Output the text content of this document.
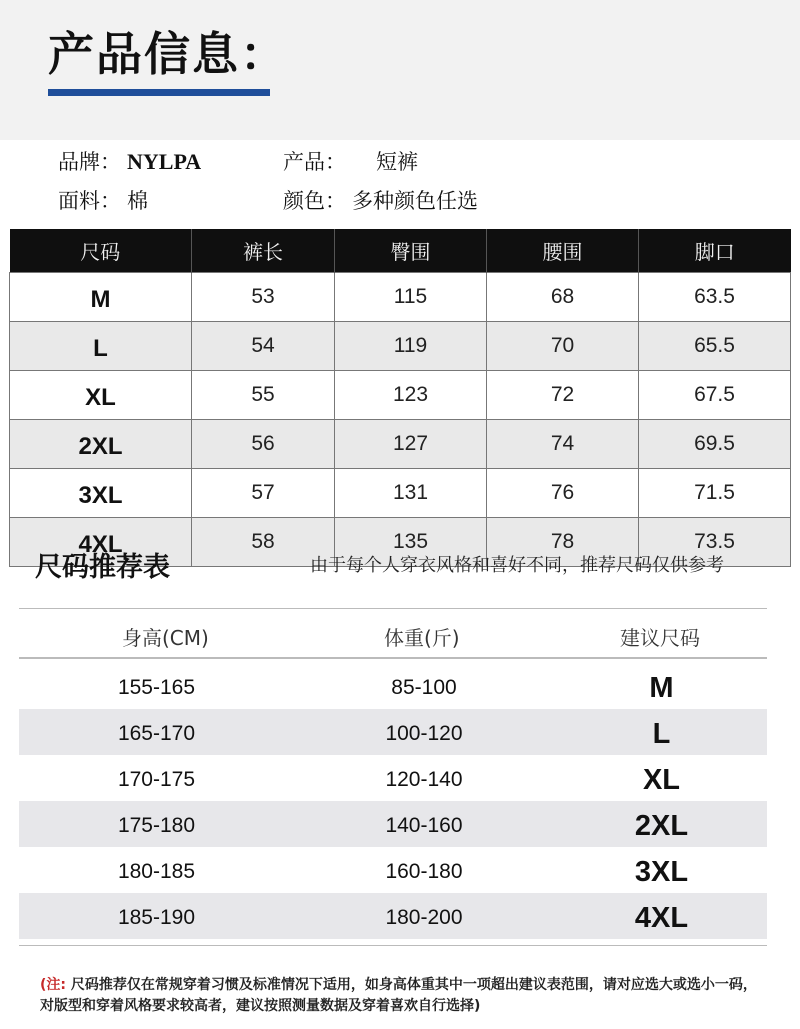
产品信息：
品牌： NYLPA	产品： 短裤
面料： 棉	颜色： 多种颜色任选
尺码	裤长	臀围	腰围	脚口
M	53	115	68	63.5
L	54	119	70	65.5
XL	55	123	72	67.5
2XL	56	127	74	69.5
3XL	57	131	76	71.5
4XL	58	135	78	73.5
尺码推荐表	由于每个人穿衣风格和喜好不同，推荐尺码仅供参考
身高(CM)	体重(斤)	建议尺码
155-165	85-100	M
165-170	100-120	L
170-175	120-140	XL
175-180	140-160	2XL
180-185	160-180	3XL
185-190	180-200	4XL
(注: 尺码推荐仅在常规穿着习惯及标准情况下适用，如身高体重其中一项超出建议表范围，请对应选大或选小一码，对版型和穿着风格要求较高者，建议按照测量数据及穿着喜欢自行选择)
